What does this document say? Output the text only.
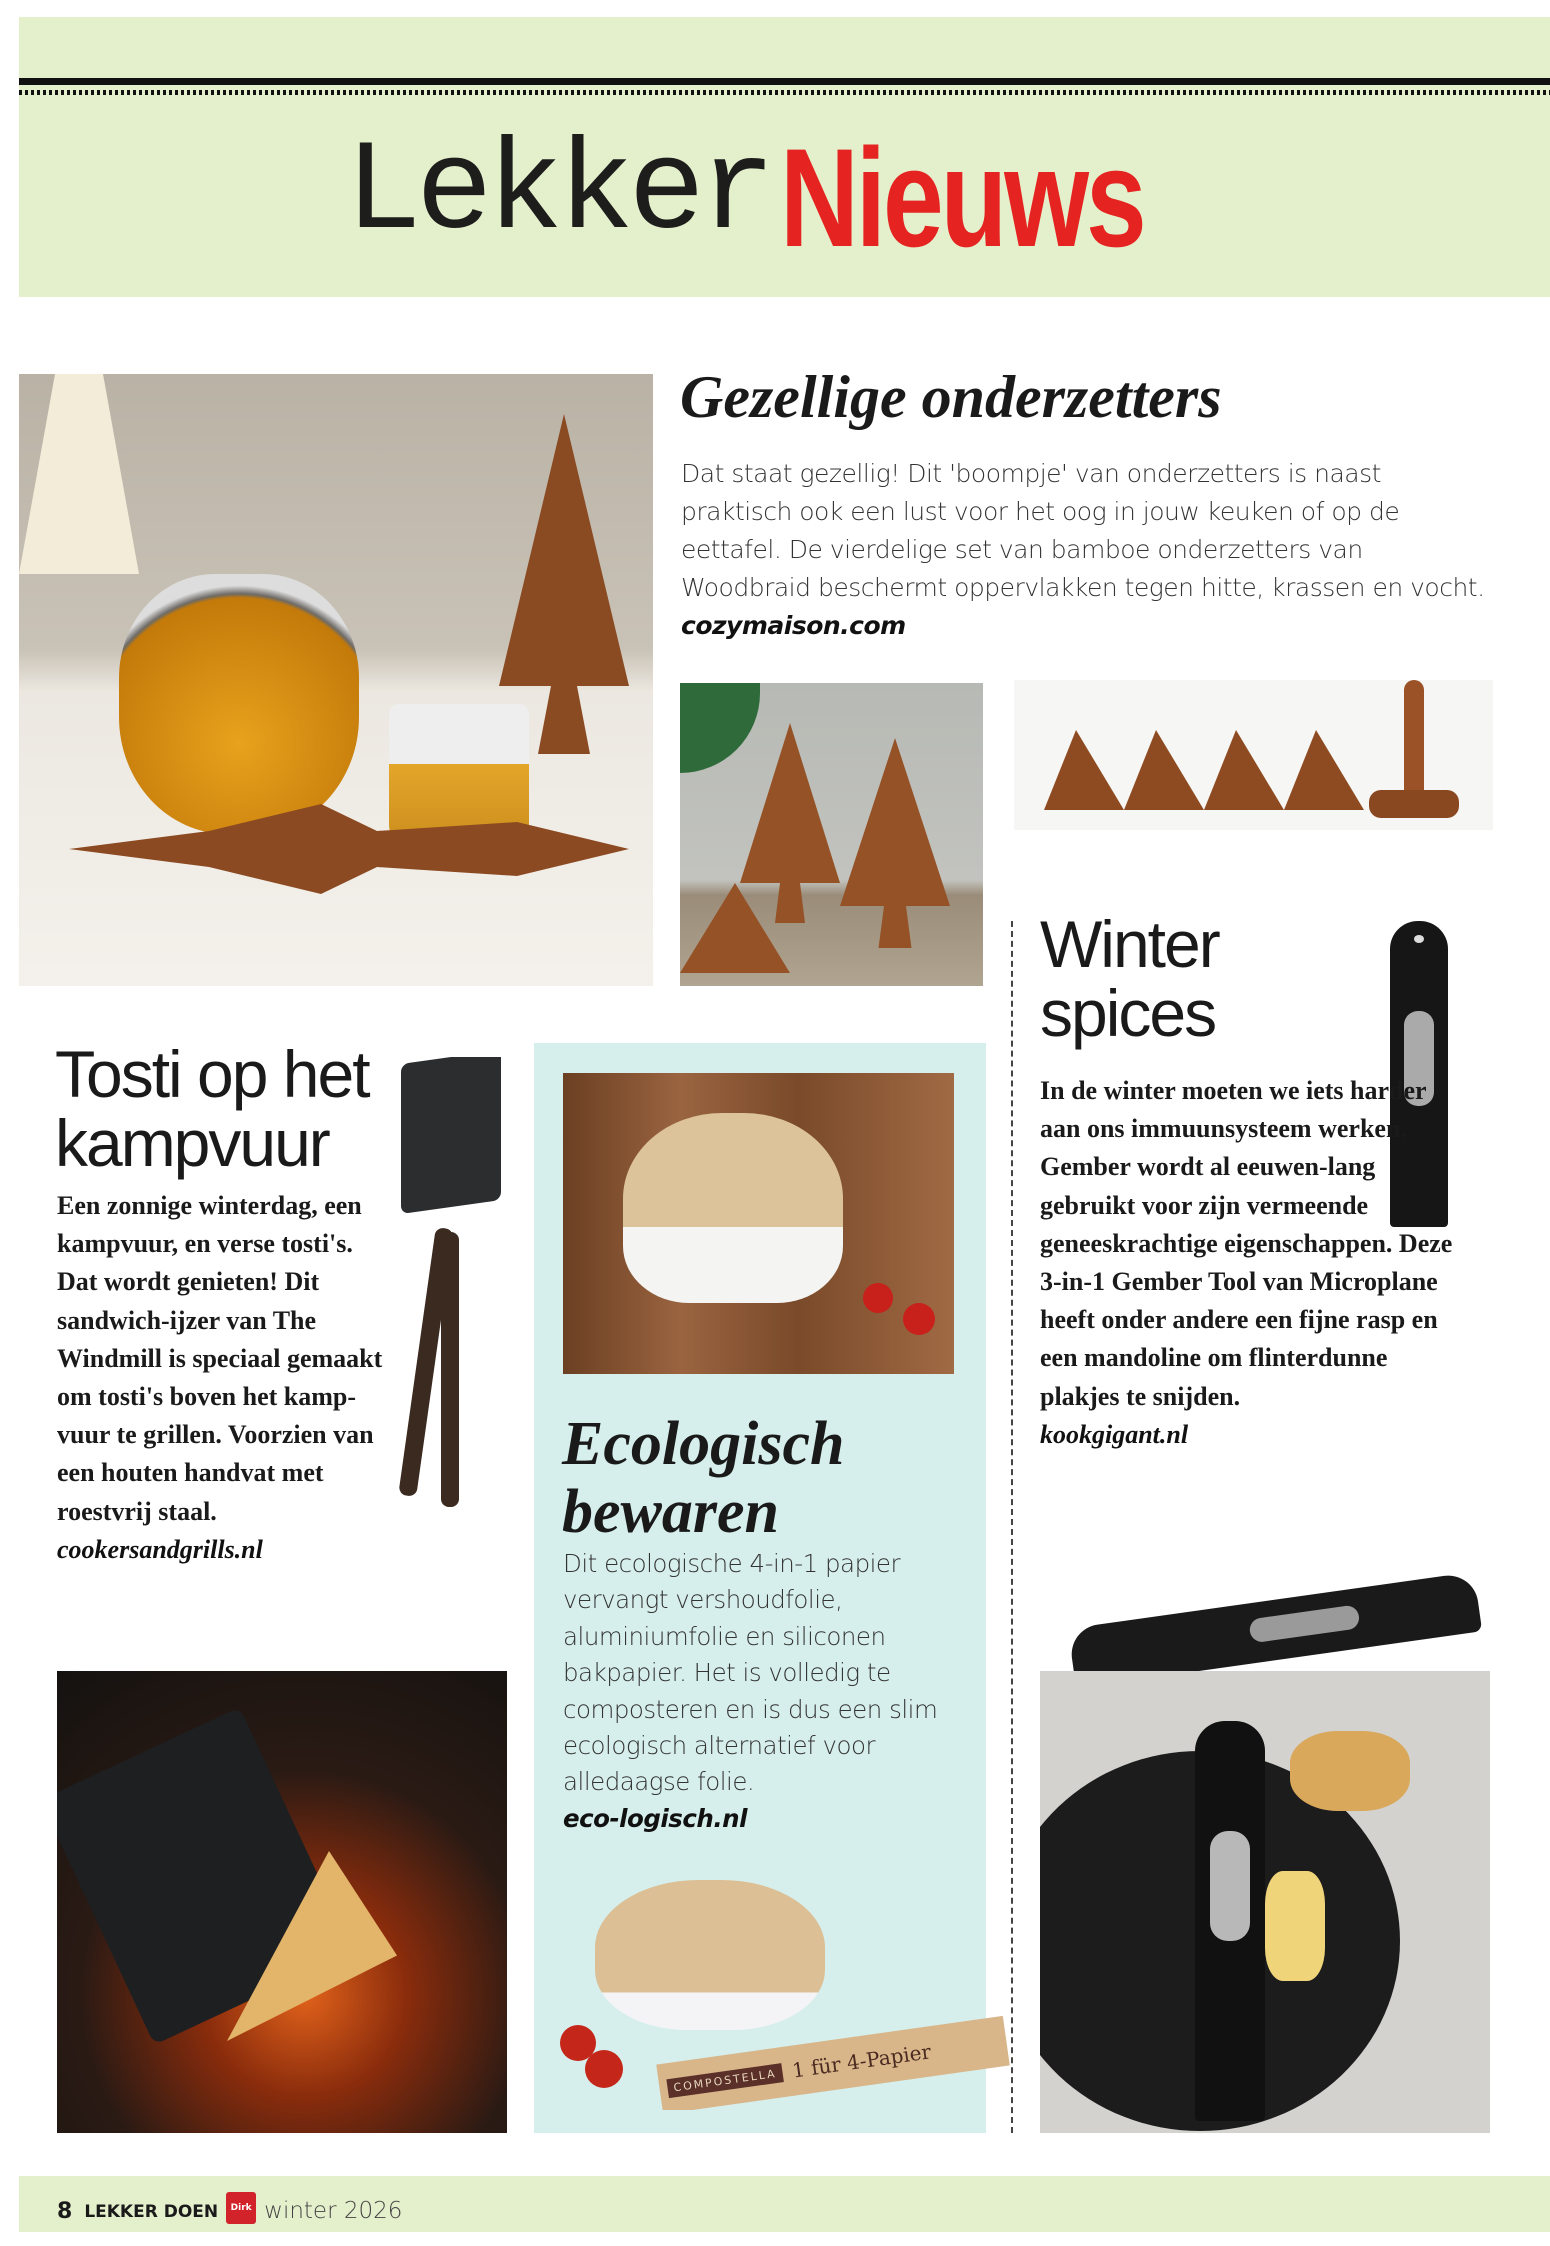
Lekker Nieuws
Gezellige onderzetters
Dat staat gezellig! Dit 'boompje' van onderzetters is naast praktisch ook een lust voor het oog in jouw keuken of op de eettafel. De vierdelige set van bamboe onderzetters van Woodbraid beschermt oppervlakken tegen hitte, krassen en vocht. cozymaison.com
Tosti op het kampvuur
Een zonnige winterdag, een kampvuur, en verse tosti's. Dat wordt genieten! Dit sandwich-ijzer van The Windmill is speciaal gemaakt om tosti's boven het kamp-vuur te grillen. Voorzien van een houten handvat met roestvrij staal. cookersandgrills.nl
Ecologisch bewaren
Dit ecologische 4-in-1 papier vervangt vershoudfolie, aluminiumfolie en siliconen bakpapier. Het is volledig te composteren en is dus een slim ecologisch alternatief voor alledaagse folie.
eco-logisch.nl
COMPOSTELLA 1 für 4-Papier
Winter spices
In de winter moeten we iets harder aan ons immuunsysteem werken. Gember wordt al eeuwen-lang gebruikt voor zijn vermeende geneeskrachtige eigenschappen. Deze 3-in-1 Gember Tool van Microplane heeft onder andere een fijne rasp en een mandoline om flinterdunne plakjes te snijden.
kookgigant.nl
8 LEKKER DOEN Dirk winter 2026
